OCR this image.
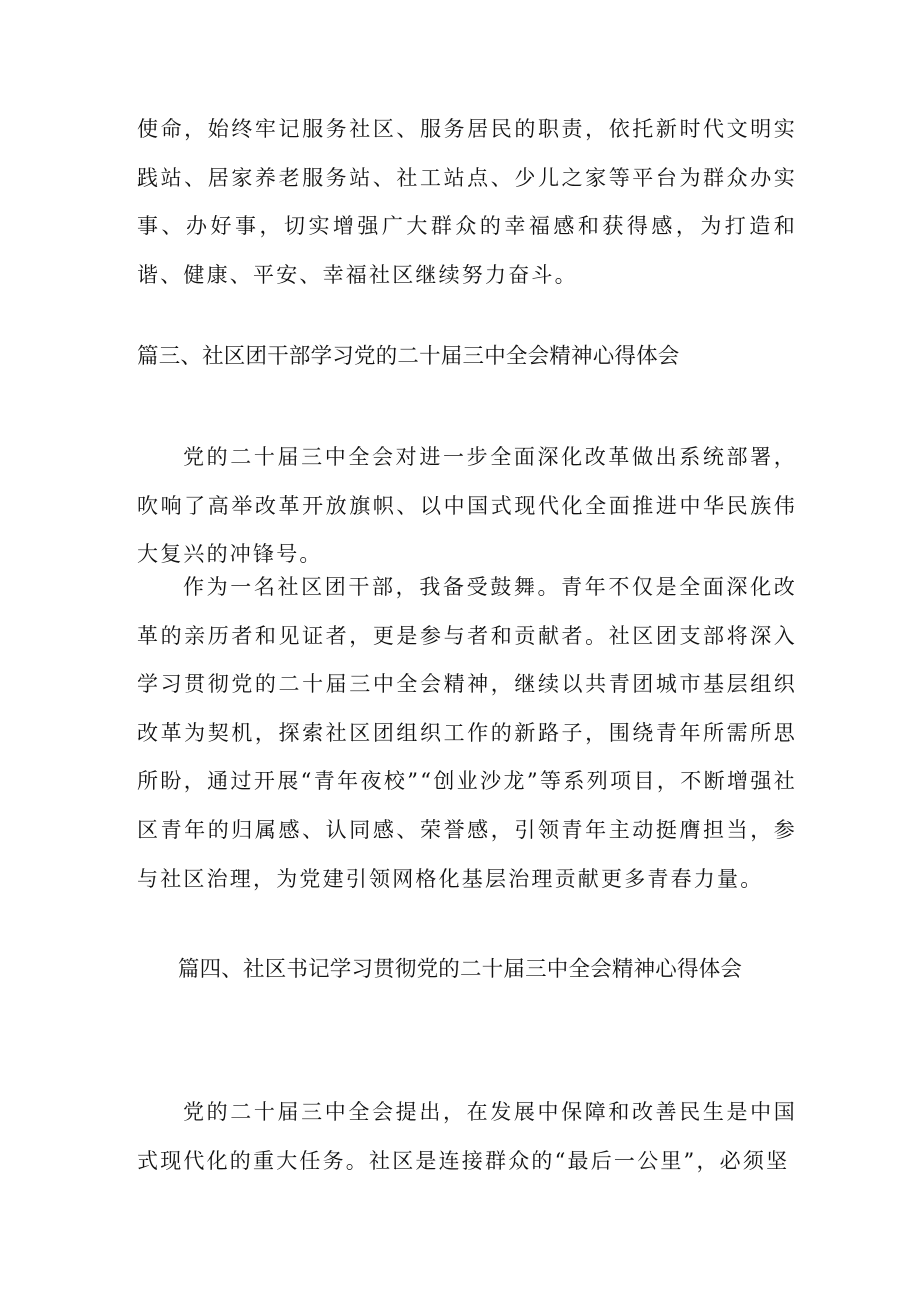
使命，始终牢记服务社区、服务居民的职责，依托新时代文明实践站、居家养老服务站、社工站点、少儿之家等平台为群众办实事、办好事，切实增强广大群众的幸福感和获得感，为打造和谐、健康、平安、幸福社区继续努力奋斗。

篇三、社区团干部学习党的二十届三中全会精神心得体会

党的二十届三中全会对进一步全面深化改革做出系统部署，吹响了高举改革开放旗帜、以中国式现代化全面推进中华民族伟大复兴的冲锋号。

作为一名社区团干部，我备受鼓舞。青年不仅是全面深化改革的亲历者和见证者，更是参与者和贡献者。社区团支部将深入学习贯彻党的二十届三中全会精神，继续以共青团城市基层组织改革为契机，探索社区团组织工作的新路子，围绕青年所需所思所盼，通过开展“青年夜校”“创业沙龙”等系列项目，不断增强社区青年的归属感、认同感、荣誉感，引领青年主动挺膺担当，参与社区治理，为党建引领网格化基层治理贡献更多青春力量。

篇四、社区书记学习贯彻党的二十届三中全会精神心得体会

党的二十届三中全会提出，在发展中保障和改善民生是中国式现代化的重大任务。社区是连接群众的“最后一公里”，必须坚
